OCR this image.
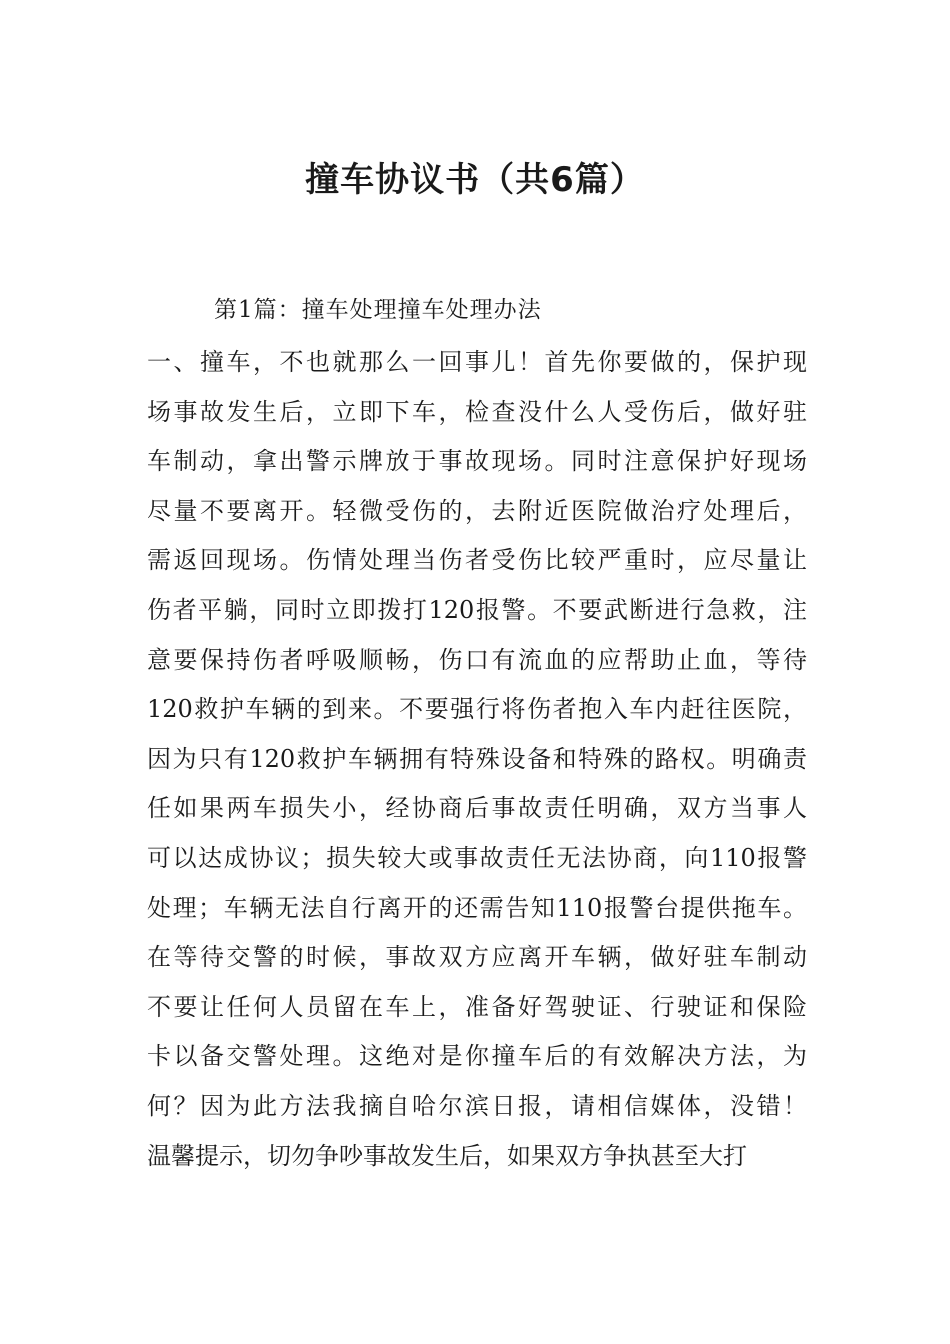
撞车协议书（共6篇）

第1篇：撞车处理撞车处理办法

一、撞车，不也就那么一回事儿！首先你要做的，保护现
场事故发生后，立即下车，检查没什么人受伤后，做好驻
车制动，拿出警示牌放于事故现场。同时注意保护好现场
尽量不要离开。轻微受伤的，去附近医院做治疗处理后，
需返回现场。伤情处理当伤者受伤比较严重时，应尽量让
伤者平躺，同时立即拨打120报警。不要武断进行急救，注
意要保持伤者呼吸顺畅，伤口有流血的应帮助止血，等待
120救护车辆的到来。不要强行将伤者抱入车内赶往医院，
因为只有120救护车辆拥有特殊设备和特殊的路权。明确责
任如果两车损失小，经协商后事故责任明确，双方当事人
可以达成协议；损失较大或事故责任无法协商，向110报警
处理；车辆无法自行离开的还需告知110报警台提供拖车。
在等待交警的时候，事故双方应离开车辆，做好驻车制动
不要让任何人员留在车上，准备好驾驶证、行驶证和保险
卡以备交警处理。这绝对是你撞车后的有效解决方法，为
何？因为此方法我摘自哈尔滨日报，请相信媒体，没错！
温馨提示，切勿争吵事故发生后，如果双方争执甚至大打
